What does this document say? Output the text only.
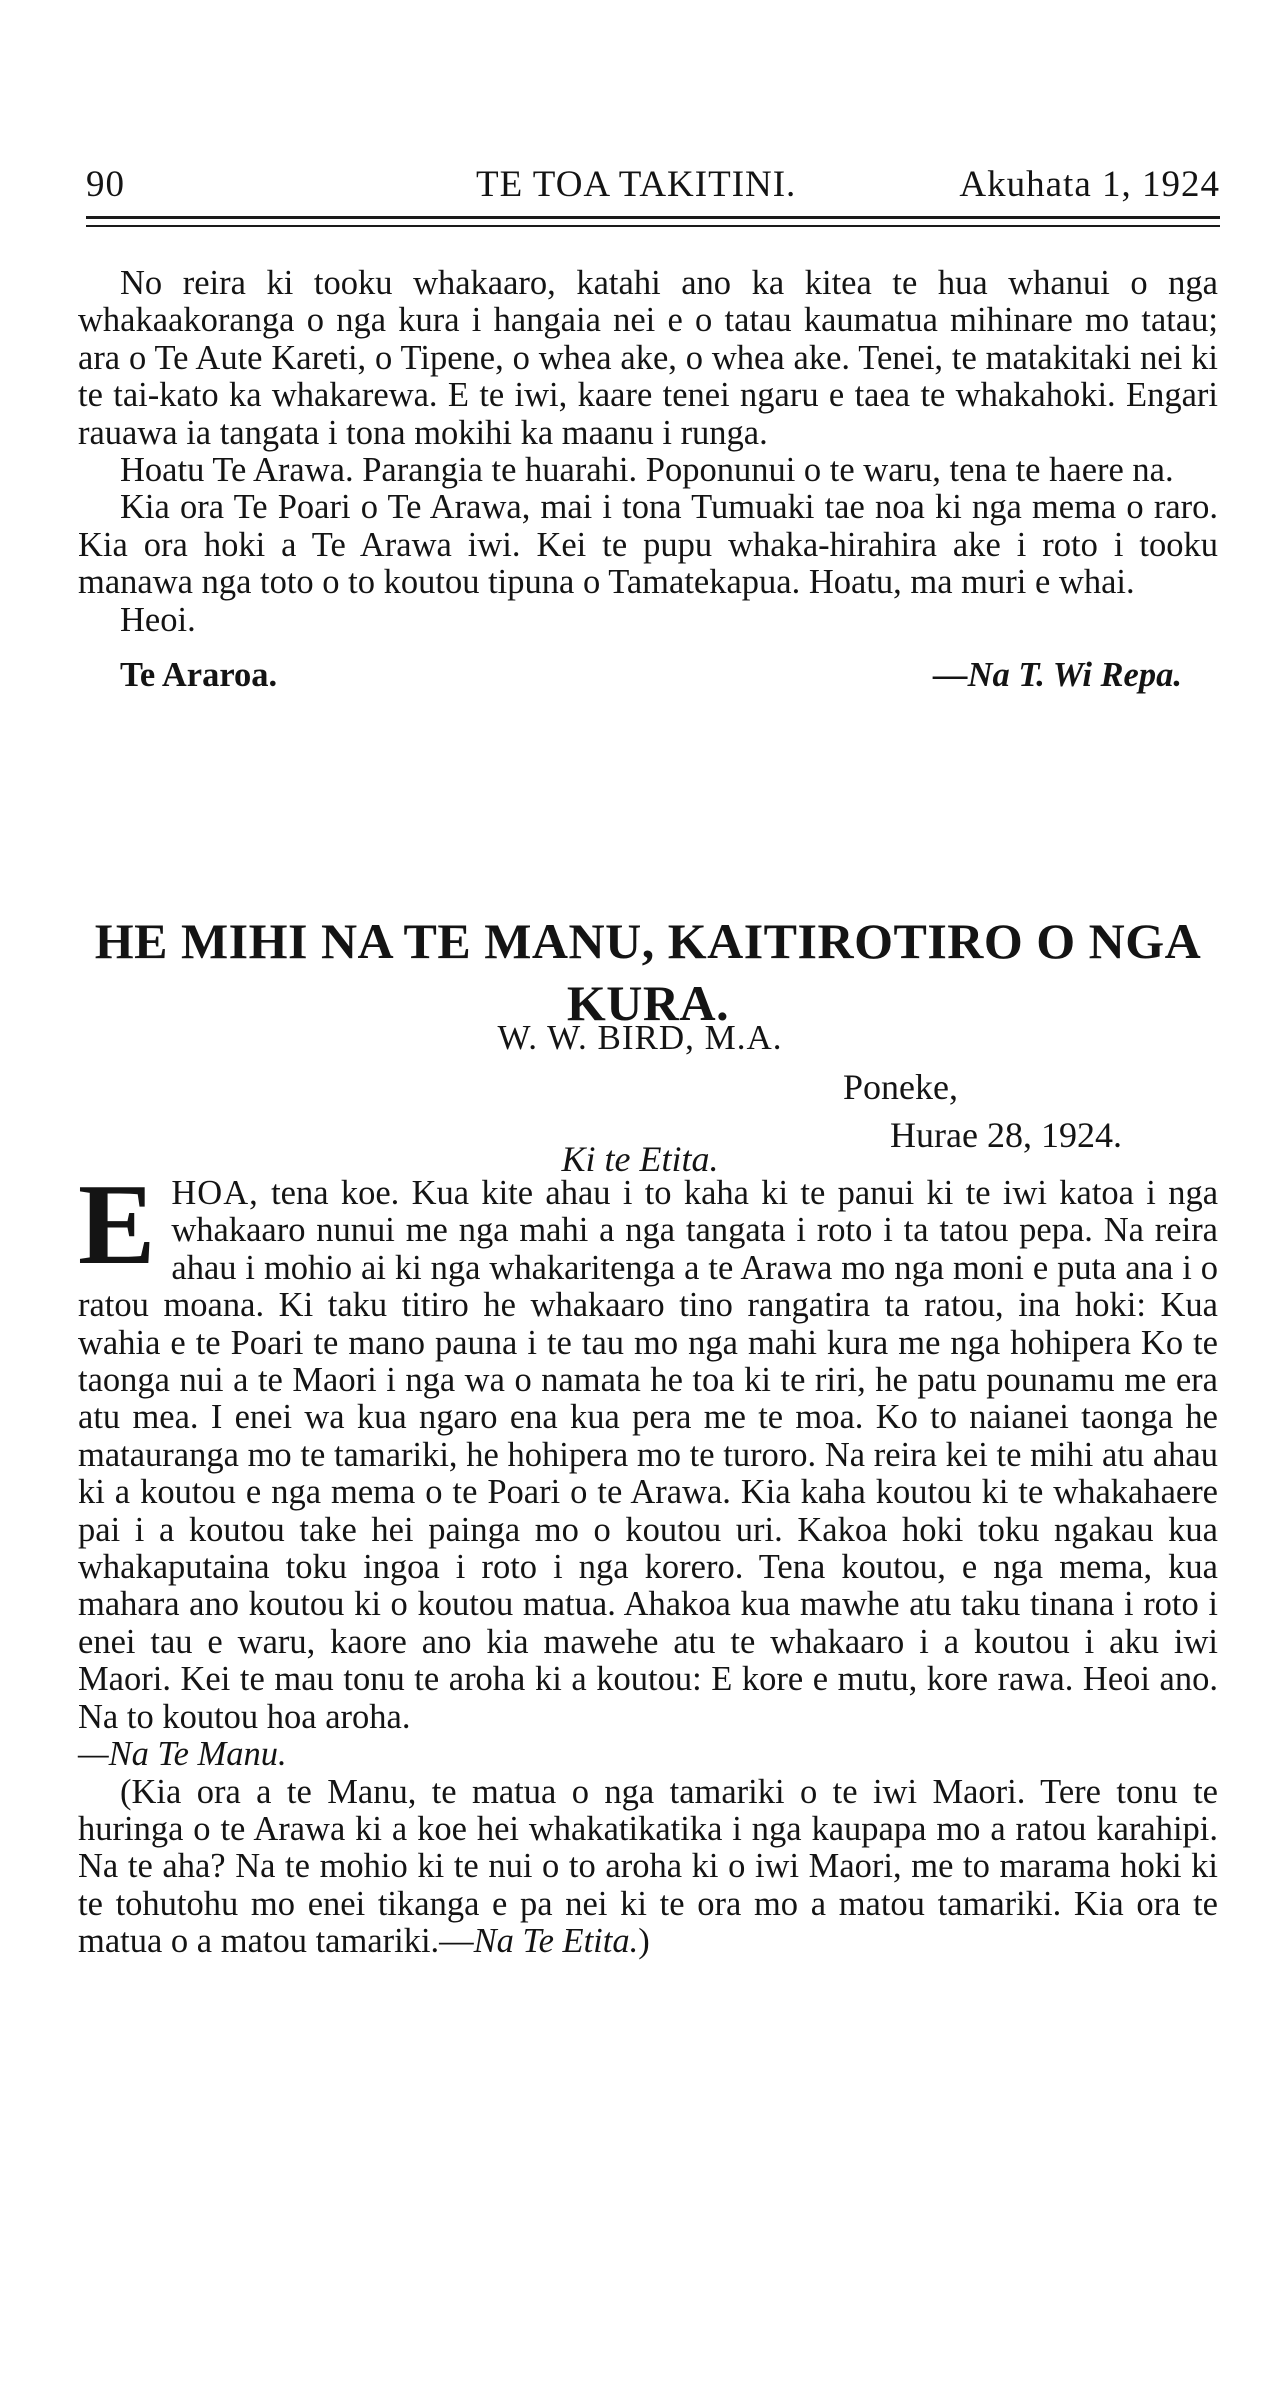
90	TE TOA TAKITINI.	Akuhata 1, 1924

No reira ki tooku whakaaro, katahi ano ka kitea te hua whanui o nga whakaakoranga o nga kura i hangaia nei e o tatau kaumatua mihinare mo tatau; ara o Te Aute Kareti, o Tipene, o whea ake, o whea ake. Tenei, te matakitaki nei ki te tai-kato ka whakarewa. E te iwi, kaare tenei ngaru e taea te whakahoki. Engari rauawa ia tangata i tona mokihi ka maanu i runga.

Hoatu Te Arawa. Parangia te huarahi. Poponunui o te waru, tena te haere na.

Kia ora Te Poari o Te Arawa, mai i tona Tumuaki tae noa ki nga mema o raro. Kia ora hoki a Te Arawa iwi. Kei te pupu whaka-hirahira ake i roto i tooku manawa nga toto o to koutou tipuna o Tamatekapua. Hoatu, ma muri e whai.

Heoi.

Te Araroa.	—Na T. Wi Repa.
HE MIHI NA TE MANU, KAITIROTIRO O NGA KURA.
W. W. BIRD, M.A.
Poneke,
Hurae 28, 1924.
Ki te Etita.

E HOA, tena koe. Kua kite ahau i to kaha ki te panui ki te iwi katoa i nga whakaaro nunui me nga mahi a nga tangata i roto i ta tatou pepa. Na reira ahau i mohio ai ki nga whakaritenga a te Arawa mo nga moni e puta ana i o ratou moana. Ki taku titiro he whakaaro tino rangatira ta ratou, ina hoki: Kua wahia e te Poari te mano pauna i te tau mo nga mahi kura me nga hohipera Ko te taonga nui a te Maori i nga wa o namata he toa ki te riri, he patu pounamu me era atu mea. I enei wa kua ngaro ena kua pera me te moa. Ko to naianei taonga he matauranga mo te tamariki, he hohipera mo te turoro. Na reira kei te mihi atu ahau ki a koutou e nga mema o te Poari o te Arawa. Kia kaha koutou ki te whakahaere pai i a koutou take hei painga mo o koutou uri. Kakoa hoki toku ngakau kua whakaputaina toku ingoa i roto i nga korero. Tena koutou, e nga mema, kua mahara ano koutou ki o koutou matua. Ahakoa kua mawhe atu taku tinana i roto i enei tau e waru, kaore ano kia mawehe atu te whakaaro i a koutou i aku iwi Maori. Kei te mau tonu te aroha ki a koutou: E kore e mutu, kore rawa. Heoi ano. Na to koutou hoa aroha.

—Na Te Manu.

(Kia ora a te Manu, te matua o nga tamariki o te iwi Maori. Tere tonu te huringa o te Arawa ki a koe hei whakatikatika i nga kaupapa mo a ratou karahipi. Na te aha? Na te mohio ki te nui o to aroha ki o iwi Maori, me to marama hoki ki te tohutohu mo enei tikanga e pa nei ki te ora mo a matou tamariki. Kia ora te matua o a matou tamariki.—Na Te Etita.)
